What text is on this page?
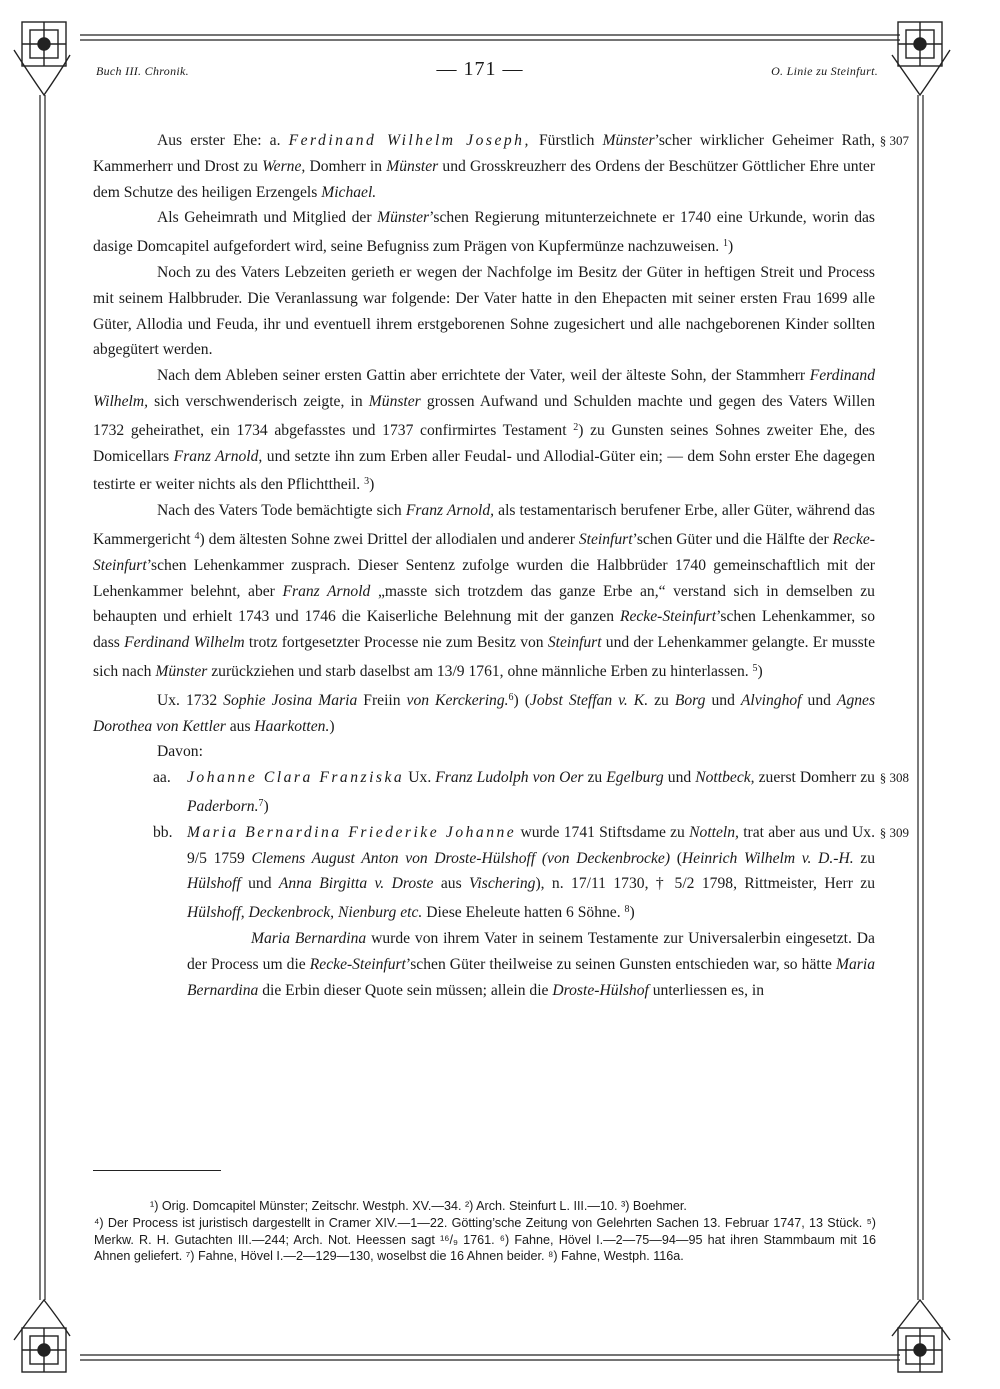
Buch III. Chronik.	— 171 —	O. Linie zu Steinfurt.

§ 307
Aus erster Ehe: a. Ferdinand Wilhelm Joseph, Fürstlich Münster’scher wirklicher Geheimer Rath, Kammerherr und Drost zu Werne, Domherr in Münster und Grosskreuzherr des Ordens der Beschützer Göttlicher Ehre unter dem Schutze des heiligen Erzengels Michael.

Als Geheimrath und Mitglied der Münster’schen Regierung mitunterzeichnete er 1740 eine Urkunde, worin das dasige Domcapitel aufgefordert wird, seine Befugniss zum Prägen von Kupfermünze nachzuweisen. $^1$)

Noch zu des Vaters Lebzeiten gerieth er wegen der Nachfolge im Besitz der Güter in heftigen Streit und Process mit seinem Halbbruder. Die Veranlassung war folgende: Der Vater hatte in den Ehepacten mit seiner ersten Frau 1699 alle Güter, Allodia und Feuda, ihr und eventuell ihrem erstgeborenen Sohne zugesichert und alle nachgeborenen Kinder sollten abgegütert werden.

Nach dem Ableben seiner ersten Gattin aber errichtete der Vater, weil der älteste Sohn, der Stammherr Ferdinand Wilhelm, sich verschwenderisch zeigte, in Münster grossen Aufwand und Schulden machte und gegen des Vaters Willen 1732 geheirathet, ein 1734 abgefasstes und 1737 confirmirtes Testament $^2$) zu Gunsten seines Sohnes zweiter Ehe, des Domicellars Franz Arnold, und setzte ihn zum Erben aller Feudal- und Allodial-Güter ein; — dem Sohn erster Ehe dagegen testirte er weiter nichts als den Pflichttheil. $^3$)

Nach des Vaters Tode bemächtigte sich Franz Arnold, als testamentarisch berufener Erbe, aller Güter, während das Kammergericht $^4$) dem ältesten Sohne zwei Drittel der allodialen und anderer Steinfurt’schen Güter und die Hälfte der Recke-Steinfurt’schen Lehenkammer zusprach. Dieser Sentenz zufolge wurden die Halbbrüder 1740 gemeinschaftlich mit der Lehenkammer belehnt, aber Franz Arnold „masste sich trotzdem das ganze Erbe an,“ verstand sich in demselben zu behaupten und erhielt 1743 und 1746 die Kaiserliche Belehnung mit der ganzen Recke-Steinfurt’schen Lehenkammer, so dass Ferdinand Wilhelm trotz fortgesetzter Processe nie zum Besitz von Steinfurt und der Lehenkammer gelangte. Er musste sich nach Münster zurückziehen und starb daselbst am 13/9 1761, ohne männliche Erben zu hinterlassen. $^5$)

Ux. 1732 Sophie Josina Maria Freiin von Kerckering.$^6$) (Jobst Steffan v. K. zu Borg und Alvinghof und Agnes Dorothea von Kettler aus Haarkotten.)

Davon:

aa.	§ 308
Johanne Clara Franziska Ux. Franz Ludolph von Oer zu Egelburg und Nottbeck, zuerst Domherr zu Paderborn.$^7$)
bb.	§ 309
Maria Bernardina Friederike Johanne wurde 1741 Stiftsdame zu Notteln, trat aber aus und Ux. 9/5 1759 Clemens August Anton von Droste-Hülshoff (von Deckenbrocke) (Heinrich Wilhelm v. D.-H. zu Hülshoff und Anna Birgitta v. Droste aus Vischering), n. 17/11 1730, † 5/2 1798, Rittmeister, Herr zu Hülshoff, Deckenbrock, Nienburg etc. Diese Eheleute hatten 6 Söhne. $^8$)

Maria Bernardina wurde von ihrem Vater in seinem Testamente zur Universalerbin eingesetzt. Da der Process um die Recke-Steinfurt’schen Güter theilweise zu seinen Gunsten entschieden war, so hätte Maria Bernardina die Erbin dieser Quote sein müssen; allein die Droste-Hülshof unterliessen es, in

¹) Orig. Domcapitel Münster; Zeitschr. Westph. XV.—34. ²) Arch. Steinfurt L. III.—10. ³) Boehmer.

⁴) Der Process ist juristisch dargestellt in Cramer XIV.—1—22. Götting’sche Zeitung von Gelehrten Sachen 13. Februar 1747, 13 Stück. ⁵) Merkw. R. H. Gutachten III.—244; Arch. Not. Heessen sagt ¹⁶/₉ 1761. ⁶) Fahne, Hövel I.—2—75—94—95 hat ihren Stammbaum mit 16 Ahnen geliefert. ⁷) Fahne, Hövel I.—2—129—130, woselbst die 16 Ahnen beider. ⁸) Fahne, Westph. 116a.
